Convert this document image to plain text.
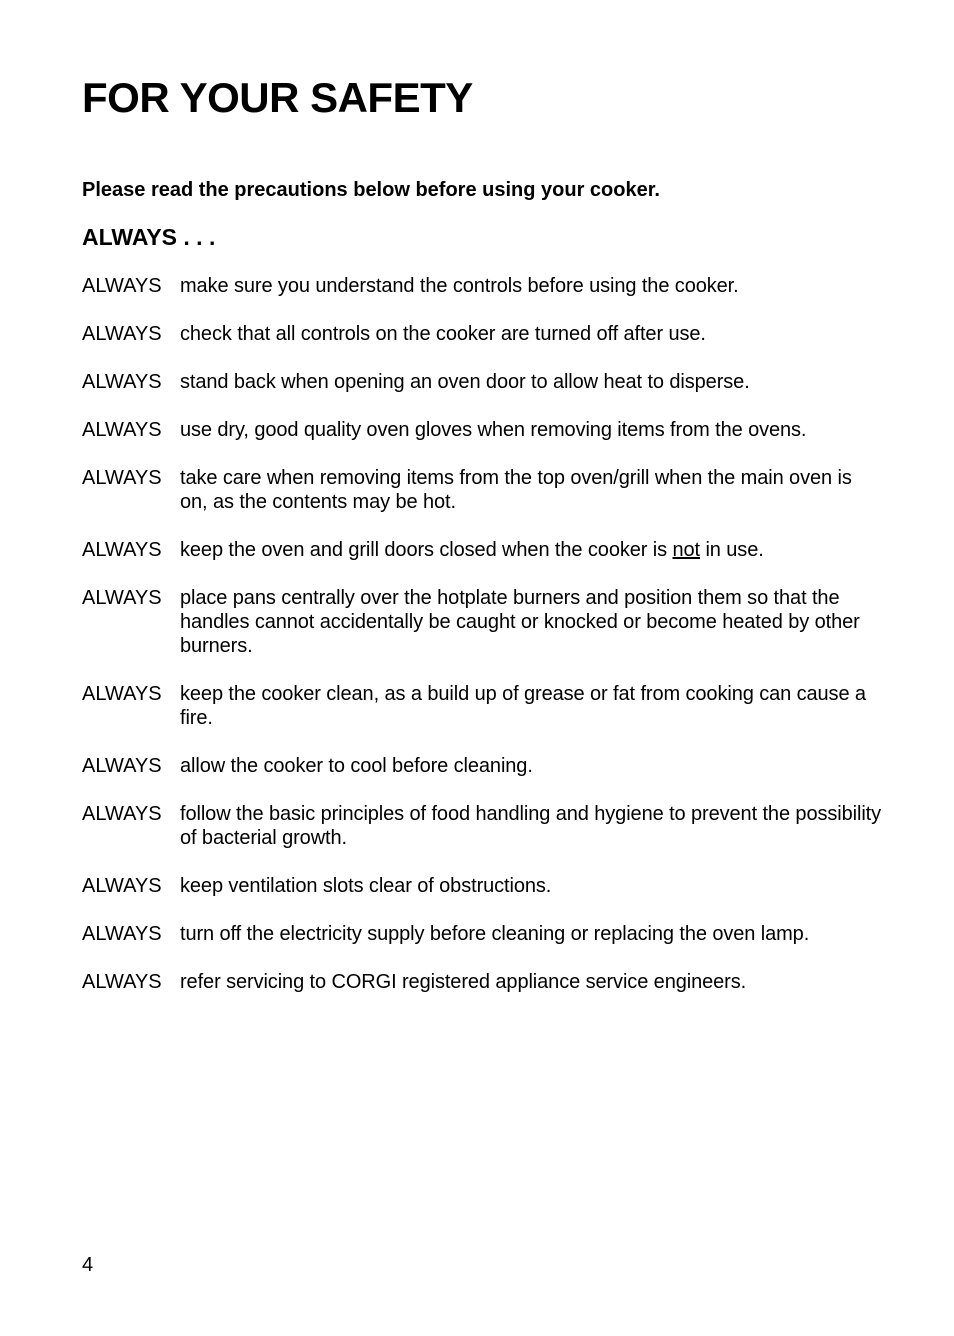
FOR YOUR SAFETY

Please read the precautions below before using your cooker.

ALWAYS . . .
ALWAYS make sure you understand the controls before using the cooker.
ALWAYS check that all controls on the cooker are turned off after use.
ALWAYS stand back when opening an oven door to allow heat to disperse.
ALWAYS use dry, good quality oven gloves when removing items from the ovens.
ALWAYS take care when removing items from the top oven/grill when the main oven is on, as the contents may be hot.
ALWAYS keep the oven and grill doors closed when the cooker is not in use.
ALWAYS place pans centrally over the hotplate burners and position them so that the handles cannot accidentally be caught or knocked or become heated by other burners.
ALWAYS keep the cooker clean, as a build up of grease or fat from cooking can cause a fire.
ALWAYS allow the cooker to cool before cleaning.
ALWAYS follow the basic principles of food handling and hygiene to prevent the possibility of bacterial growth.
ALWAYS keep ventilation slots clear of obstructions.
ALWAYS turn off the electricity supply before cleaning or replacing the oven lamp.
ALWAYS refer servicing to CORGI registered appliance service engineers.
4
